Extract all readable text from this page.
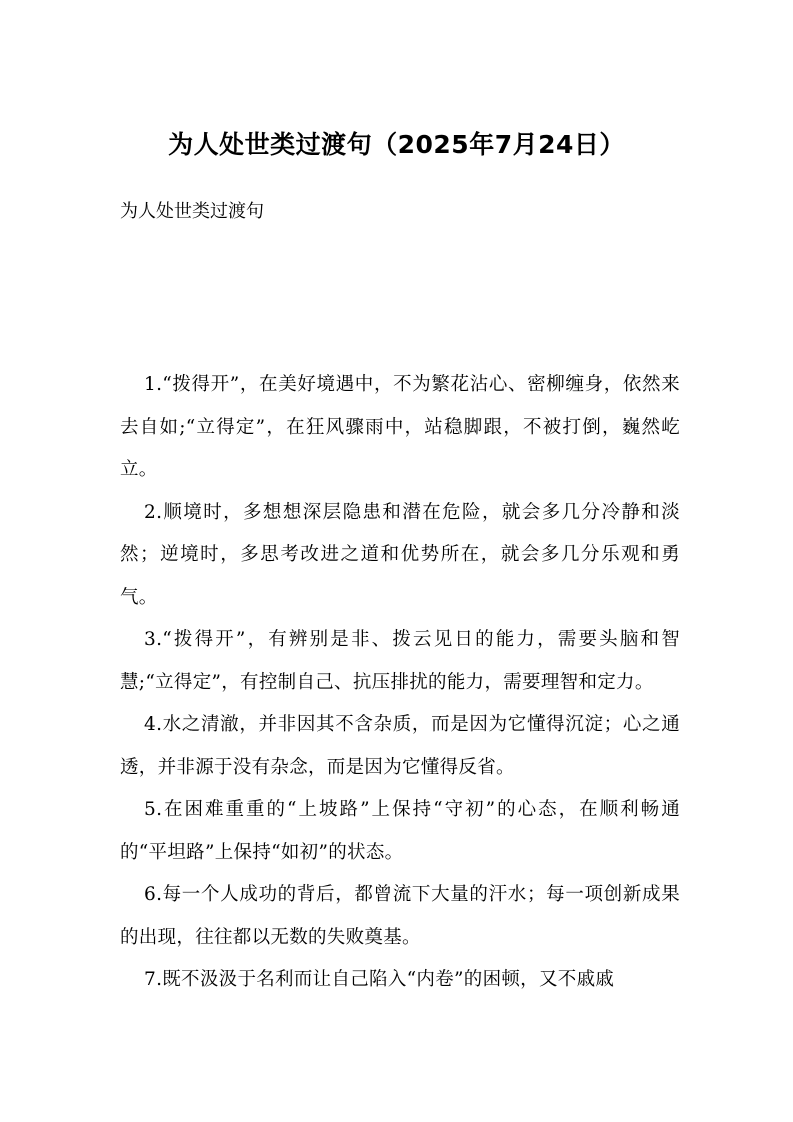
为人处世类过渡句（2025年7月24日）
为人处世类过渡句

1.“拨得开”，在美好境遇中，不为繁花沾心、密柳缠身，依然来去自如;“立得定”，在狂风骤雨中，站稳脚跟，不被打倒，巍然屹立。

2.顺境时，多想想深层隐患和潜在危险，就会多几分冷静和淡然；逆境时，多思考改进之道和优势所在，就会多几分乐观和勇气。

3.“拨得开”，有辨别是非、拨云见日的能力，需要头脑和智慧;“立得定”，有控制自己、抗压排扰的能力，需要理智和定力。

4.水之清澈，并非因其不含杂质，而是因为它懂得沉淀；心之通透，并非源于没有杂念，而是因为它懂得反省。

5.在困难重重的“上坡路”上保持“守初”的心态，在顺利畅通的“平坦路”上保持“如初”的状态。

6.每一个人成功的背后，都曾流下大量的汗水；每一项创新成果的出现，往往都以无数的失败奠基。

7.既不汲汲于名利而让自己陷入“内卷”的困顿，又不戚戚
